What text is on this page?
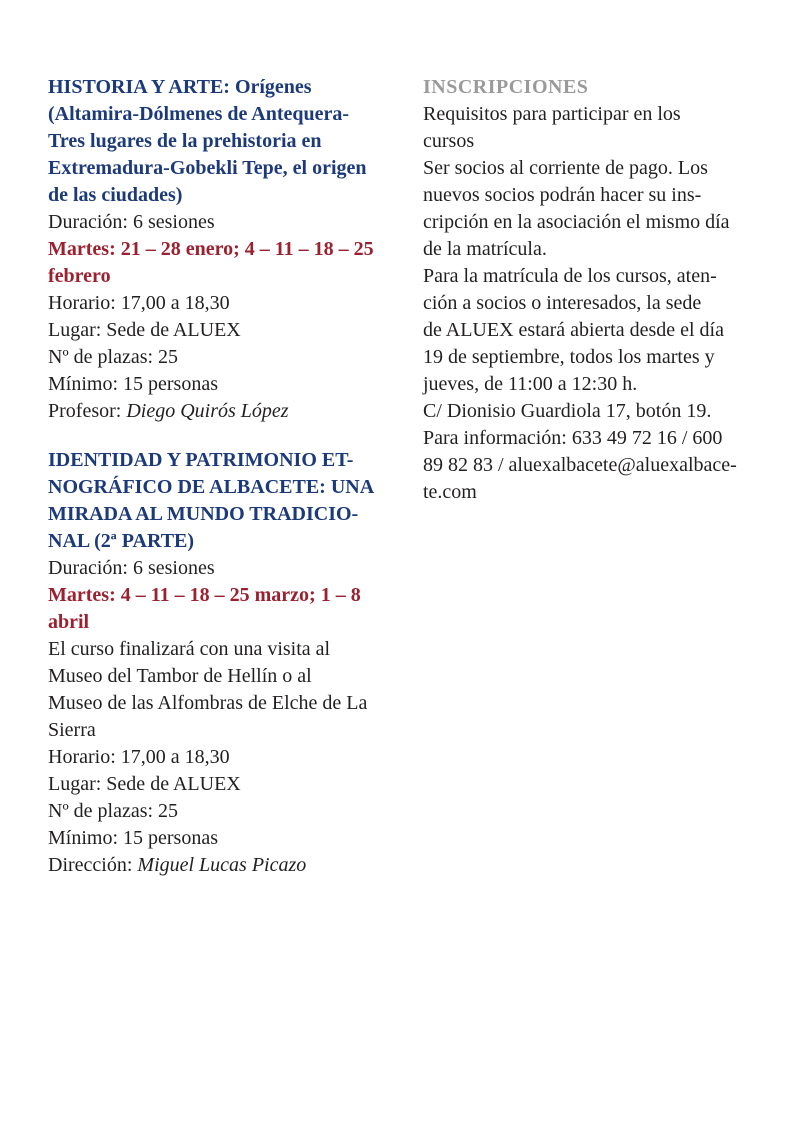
HISTORIA Y ARTE: Orígenes
(Altamira-Dólmenes de Antequera-
Tres lugares de la prehistoria en
Extremadura-Gobekli Tepe, el origen
de las ciudades)
Duración: 6 sesiones
Martes: 21 – 28 enero; 4 – 11 – 18 – 25
febrero
Horario: 17,00 a 18,30
Lugar: Sede de ALUEX
Nº de plazas: 25
Mínimo: 15 personas
Profesor: Diego Quirós López
IDENTIDAD Y PATRIMONIO ET-
NOGRÁFICO DE ALBACETE: UNA
MIRADA AL MUNDO TRADICIO-
NAL (2ª PARTE)
Duración: 6 sesiones
Martes: 4 – 11 – 18 – 25 marzo; 1 – 8
abril
El curso finalizará con una visita al
Museo del Tambor de Hellín o al
Museo de las Alfombras de Elche de La
Sierra
Horario: 17,00 a 18,30
Lugar: Sede de ALUEX
Nº de plazas: 25
Mínimo: 15 personas
Dirección: Miguel Lucas Picazo
INSCRIPCIONES
Requisitos para participar en los
cursos
Ser socios al corriente de pago. Los
nuevos socios podrán hacer su ins-
cripción en la asociación el mismo día
de la matrícula.
Para la matrícula de los cursos, aten-
ción a socios o interesados, la sede
de ALUEX estará abierta desde el día
19 de septiembre, todos los martes y
jueves, de 11:00 a 12:30 h.
C/ Dionisio Guardiola 17, botón 19.
Para información: 633 49 72 16 / 600
89 82 83 / aluexalbacete@aluexalbace-
te.com
